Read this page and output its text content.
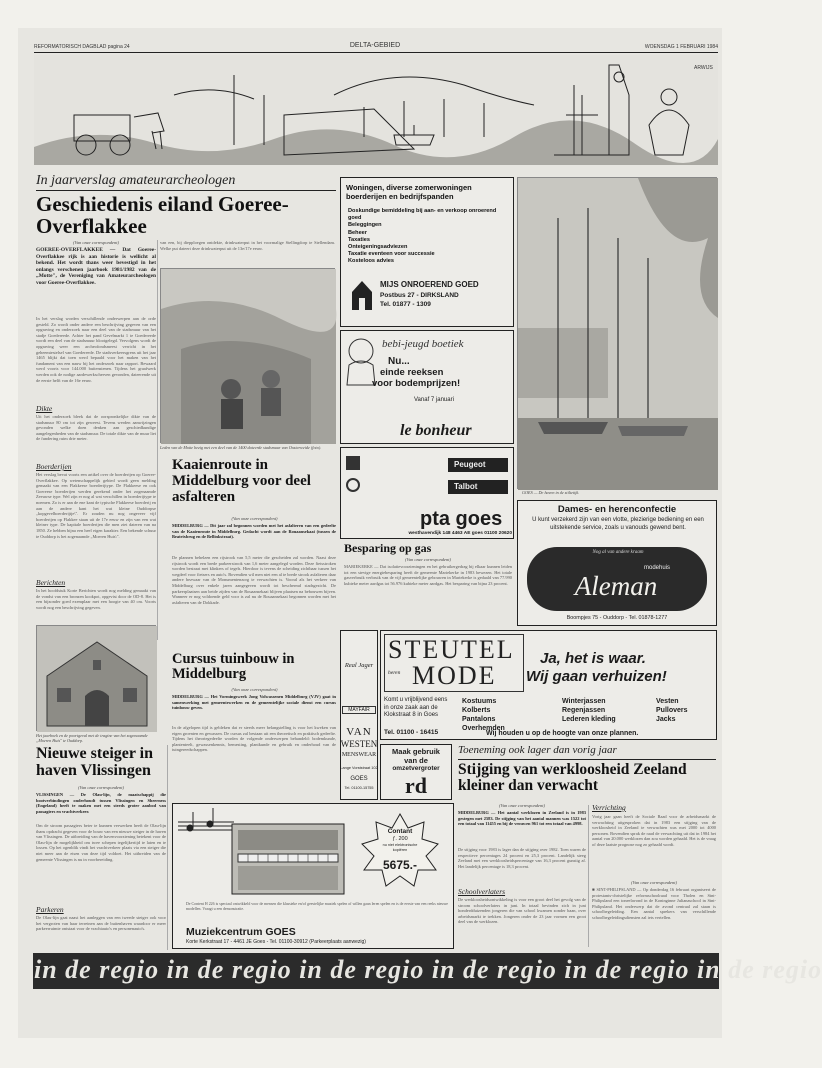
REFORMATORISCH DAGBLAD pagina 24	DELTA-GEBIED	WOENSDAG 1 FEBRUARI 1984
ARWIJS
In jaarverslag amateurarcheologen
Geschiedenis eiland Goeree-Overflakkee
(Van onze correspondent)
GOEREE-OVERFLAKKEE — Dat Goeree-Overflakkee rijk is aan historie is wellicht al bekend. Het wordt thans weer bevestigd in het onlangs verschenen jaarboek 1981/1982 van de „Motte", de Vereniging van Amateurarcheologen voor Goeree-Overflakkee.
In het verslag worden verschillende onderwerpen aan de orde gesteld. Zo wordt onder andere een beschrijving gegeven van een opgraving en onderzoek naar een deel van de stadsmuur van het stadje Goedereede. Achter het pand Gevelmarkt 1 te Goedereede wordt een deel van de stadsmuur blootgelegd. Vervolgens wordt de opgraving weer een archeofondsmeest verricht in het geheemtestelsel van Goedereede. De stadsverkeersgrens uit het jaar 1465 blijkt dat toen werd bepaald voor het maken van het fundament van een nauw bij het onderzoek naar rapport. Bewaard werd voorts voor 144.000 buitenstenen. Tijdens het graafwerk werden ook de nodige aardewerkscherven gevonden, dateerende uit de eerste helft van de 16e eeuw.
Dikte
Uit het onderzoek bleek dat de oorspronkelijke dikte van de stadsmuur 80 cm tot zijn geweest. Tevens werden aanwijzingen gevonden welke doen denken aan geschiedkundige aangelegenheden van de stadsmuur. De totale dikte van de muur liet de fundering ruim drie meter.
Boerderijen
Het verslag bevat voorts een artikel over de boerderijen op Goeree-Overflakkee. Op wetenschappelijk gebied wordt geen melding gemaakt van een Flakkeese boerderijtype. De Flakkeese en ook Goereese boerderijen werden gerekend onder het zogenaamde Zeeuwse type. Wel zijn er nog al wat verschillen in boerderijtype te noemen. Zo is er aan de ene kant de typische Flakkeese boerderij en aan de andere kant het wat kleine Ouddorpse „kopgevelboerderijtje\". Er zouden nu nog ongeveer vijf boerderijen op Flakkee staan uit de 17e eeuw en zijn van een wat kleiner type. De kapitale boerderijen die men ziet dateren van na 1850. Ze hebben bijna een heel eigen karakter. Een bekende schuur te Ouddorp is het zogenaamde „Moeren Huis\".
Berichten
In het hoofdstuk Korte Berichten wordt nog melding gemaakt van de vondst van een bronzen kookpot, opgevist door de OD-8. Het is een bijzonder goed exemplaar met een hoogte van 40 cm. Voorts wordt nog een beschrijving gegeven.
van een, bij diepploegen ontdekte, drinkwaterput in het voormalige Stellingdorp te Stellendam. Welke put dateert deze drinkwaterput uit de 13e/17e eeuw.
Leden van de Motte bezig met een deel van de 1400 dateerde stadsmuur van Oosterweide (foto).
Kaaienroute in Middelburg voor deel asfalteren
(Van onze correspondent)
MIDDELBURG — Dit jaar zal begonnen worden met het asfalteren van een gedeelte van de Kaaienroute in Middelburg. Gedacht wordt aan de Rouaansekaai (tussen de Beatrixbrug en de Bellinkstraat).
De plannen behelzen een rijstrook van 5,5 meter die gescheiden zal worden. Naast deze rijstrook wordt een brede parkeerstrook van 1,6 meter aangelegd worden. Deze fietsstroken worden bestraat met klinkers of tegels. Hierdoor is tevens de scheiding zichtbaar tussen het wegdeel voor fietsers en auto's. Bovendien wil men niet een al te brede strook asfalteren daar andere bezwaar van de Monumentenzorg te verwachten is. Vooral als het verkeer van Middelburg over enkele jaren aangegeven wordt tot beschermd stadsgezicht. De parkeerplaatsen aan beide zijden van de Rouaansekaai blijven plaatsen na bebouwen bijven. Wanneer er nog voldoende geld voor is zal nu de Rouaansekaai begonnen worden met het asfalteren van de Dokkade.
Cursus tuinbouw in Middelburg
(Van onze correspondent)
MIDDELBURG — Het Vormingswerk Jong Volwassenen Middelburg (VJV) gaat in samenwerking met gemeentewerken en de gemeentelijke sociale dienst een cursus tuinbouw geven.
In de afgelopen tijd is gebleken dat er steeds meer belangstelling is voor het kweken van eigen groenten en gewassen. De cursus zal bestaan uit een theoretisch en praktisch gedeelte. Tijdens het theoriegedeelte worden de volgende onderwerpen behandeld: bodemkunde, plantenteelt, gewassenkennis, bemesting, plantkunde en gebruik en onderhoud van de tuingereedschappen.
Het jaarboek en de poortgeval met de tragine van het zogenaamde „Moeren Huis" te Ouddorp.
Nieuwe steiger in haven Vlissingen
(Van onze correspondent)
VLISSINGEN — De Olau-lijn, de maatschappij die bootverbindingen onderhoudt tussen Vlissingen en Sheerness (Engeland) heeft te maken met een steeds groter aanbod van passagiers en vrachtverkeer.
Om de stroom passagiers beter te kunnen verwerken heeft de Olau-lijn thans opdracht gegeven voor de bouw van een nieuwe steiger in de haven van Vlissingen. De uitbreiding van de havenvoorziening betekent voor de Olau-lijn de mogelijkheid om twee schepen tegelijkertijd te laten en te lossen. Op het ogenblik vindt het vrachtverkeer plaats via een steiger die niet meer aan de eisen van deze tijd voldoet. Het uitbreiden van de gemeente Vlissingen is nu in voorbereiding.
Parkeren
De Olau-lijn gaat naast het aanleggen van een tweede steiger ook voor het vergroten van haar terreinen aan de buitenhaven waardoor er meer parkeerruimte ontstaat voor de vrachtauto's en personenauto's.
Woningen, diverse zomerwoningen boerderijen en bedrijfspanden
Doskundige bemiddeling bij aan- en verkoop onroerend goed
Beleggingen
Beheer
Taxaties
Onteigeningsadviezen
Taxatie eventeen voor successie
Kosteloos advies
MIJS ONROEREND GOED
Postbus 27 - DIRKSLAND
Tel. 01877 - 1309
bebi-jeugd boetiek
Nu...
einde reeksen
voor bodemprijzen!
Vanaf 7 januari
le bonheur
Peugeot
Talbot
pta goes
westhavendijk 148 4463 AE goes 01100 20620
GOES — De haven in de stiltetijk.
Besparing op gas
(Van onze correspondent)
MARIEKERKE — Dat isolatievoorzieningen en het gebruikergedrag bij elkaar kunnen leiden tot een stevige energiebesparing heeft de gemeente Mariekerke in 1983 bewezen. Het totale gasverbruik verbruik van de vijf gemeentelijke gebouwen in Mariekerke is gedaald van 77.990 kubieke meter aardgas tot 56.976 kubieke meter aardgas. Het besparing van bijna 23 procent.
Dames- en herenconfectie
U kunt verzekerd zijn van een vlotte, plezierige bediening en een uitstekende service, zoals u vanouds gewend bent.
Nog al van andere kraam
modehuis
Aleman
Boompjes 75 - Ouddorp - Tel. 01878-1277
STEUTEL
heren MODE
Ja, het is waar.
Wij gaan verhuizen!
Komt u vrijblijvend eens in onze zaak aan de Klokstraat 8 in Goes
Tel. 01100 - 16415
Kostuums
Kolberts
Pantalons
Overhemden
Winterjassen
Regenjassen
Lederen kleding
Vesten
Pullovers
Jacks
Wij houden u op de hoogte van onze plannen.
Real Jager
MAYFAIR
VAN
WESTEN
MENSWEAR
Lange Vorststraat 102
GOES
Tel. 01100-15755
Maak gebruik
van de
omzetvergroter
rd
Contant
ƒ. 200
nu niet elektronische kopiëren
5675.-
De Content H 226 is speciaal ontwikkeld voor de mensen die klassieke en/of geestelijke muziek spelen of willen gaan leren spelen en is de eerste van een reeks nieuwe modellen. Vraagt u een demonstratie.
Muziekcentrum GOES
Korte Kerkstraat 17 - 4461 JE Goes - Tel. 01100-30912 (Parkeerplaats aanwezig)
Toeneming ook lager dan vorig jaar
Stijging van werkloosheid Zeeland kleiner dan verwacht
(Van onze correspondent)
MIDDELBURG — Het aantal werklozen in Zeeland is in 1983 gestegen met 2583. De stijging van het aantal mannen was 1522 tot een totaal van 11455 en bij de vrouwen 961 tot een totaal van 4998.
De stijging voor 1983 is lager dan de stijging over 1982. Toen waren de respectieve percentages 24 procent en 25,3 procent. Landelijk steeg Zeeland met een werkloosheidspercentage van 16,3 procent gunstig af. Het landelijk percentage is 18,3 procent.
Schoolverlaters
De werkloosheidsontwikkeling is voor een groot deel het gevolg van de stroom schoolverlaters in juni. In totaal bevinden zich in juni honderdduizenden jongeren die van school kwamen zonder baan, over arbeidsmarkt te trekken. Jongeren onder de 23 jaar vormen een groot deel van de werklozen.
Verrichting
Vorig jaar gaan heeft de Sociale Raad voor de arbeidsmarkt de verwachting uitgesproken dat in 1983 een stijging van de werkloosheid in Zeeland te verwachten was met 2000 tot 4000 personen. Bovendien sprak de raad de verwachting uit dat in 1984 het aantal van 20.000 werklozen dan zou worden gehaald. Het is de vraag of deze laatste prognose nog zo gehaald wordt.
(Van onze correspondent)
■ SINT-PHILIPSLAND — Op donderdag 16 februari organiseert de protestants-christelijke reformschoolraad voor Tholen en Sint-Philipsland een toneelavond in de Koninginne Julianaschool in Sint-Philipsland. Het onderwerp dat de avond centraal zal staan is schoolbegeleiding. Een aantal sprekers van verschillende schoolbegeleidingsdiensten zal iets vertellen.
in de regio in de regio in de regio in de regio in de regio in de regio
